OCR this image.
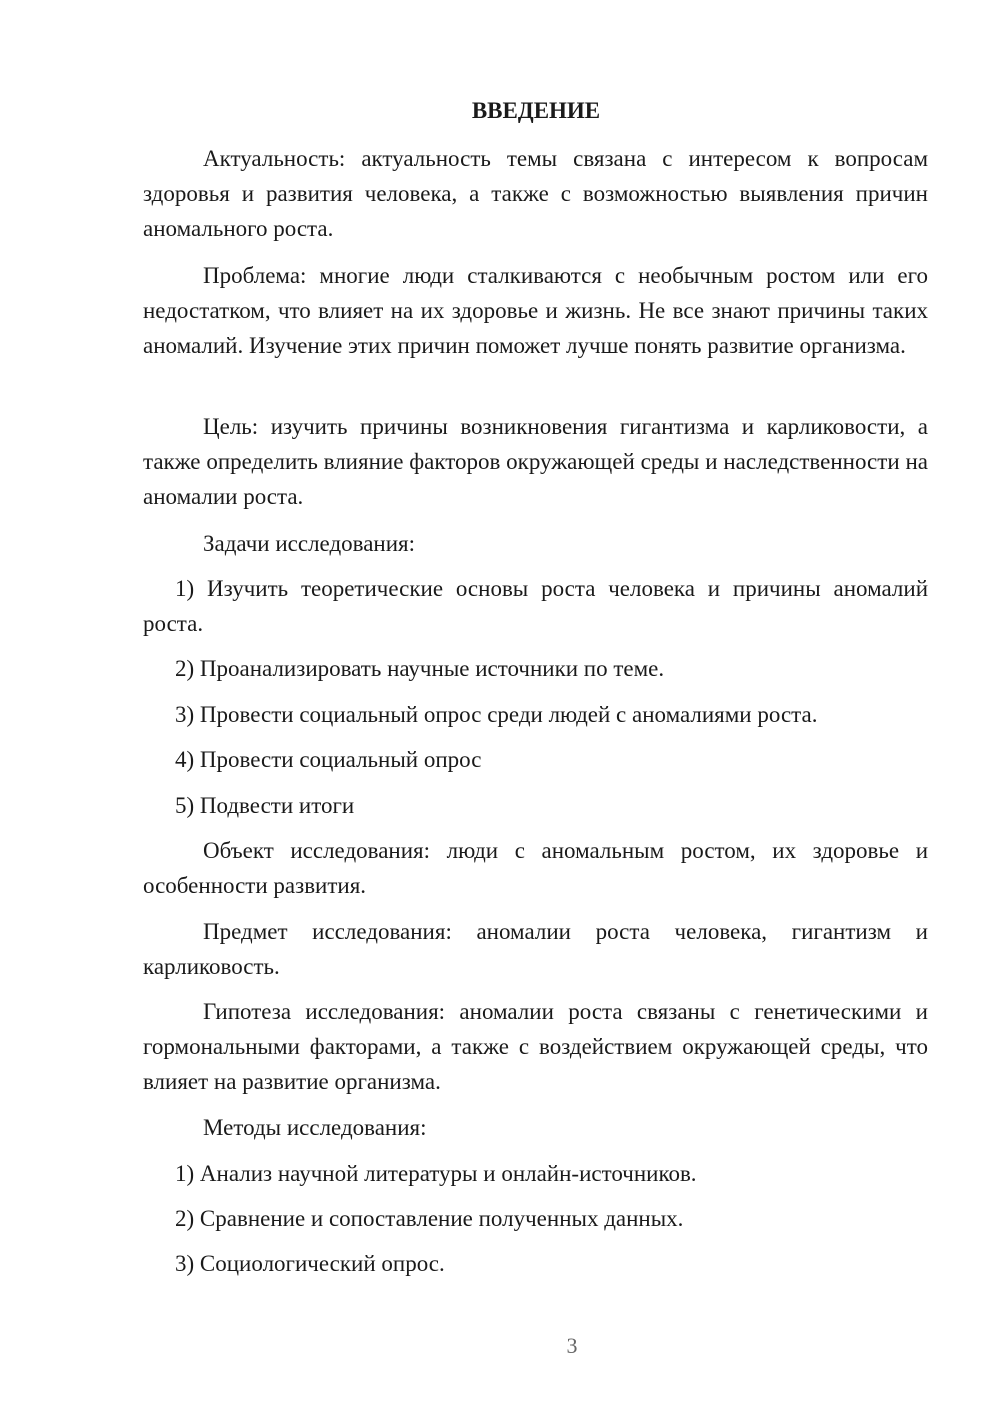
ВВЕДЕНИЕ

Актуальность: актуальность темы связана с интересом к вопросам здоровья и развития человека, а также с возможностью выявления причин аномального роста.

Проблема: многие люди сталкиваются с необычным ростом или его недостатком, что влияет на их здоровье и жизнь. Не все знают причины таких аномалий. Изучение этих причин поможет лучше понять развитие организма.

Цель: изучить причины возникновения гигантизма и карликовости, а также определить влияние факторов окружающей среды и наследственности на аномалии роста.

Задачи исследования:

1) Изучить теоретические основы роста человека и причины аномалий роста.

2) Проанализировать научные источники по теме.

3) Провести социальный опрос среди людей с аномалиями роста.

4) Провести социальный опрос

5) Подвести итоги

Объект исследования: люди с аномальным ростом, их здоровье и особенности развития.

Предмет исследования: аномалии роста человека, гигантизм и карликовость.

Гипотеза исследования: аномалии роста связаны с генетическими и гормональными факторами, а также с воздействием окружающей среды, что влияет на развитие организма.

Методы исследования:

1) Анализ научной литературы и онлайн-источников.

2) Сравнение и сопоставление полученных данных.

3) Социологический опрос.

3
